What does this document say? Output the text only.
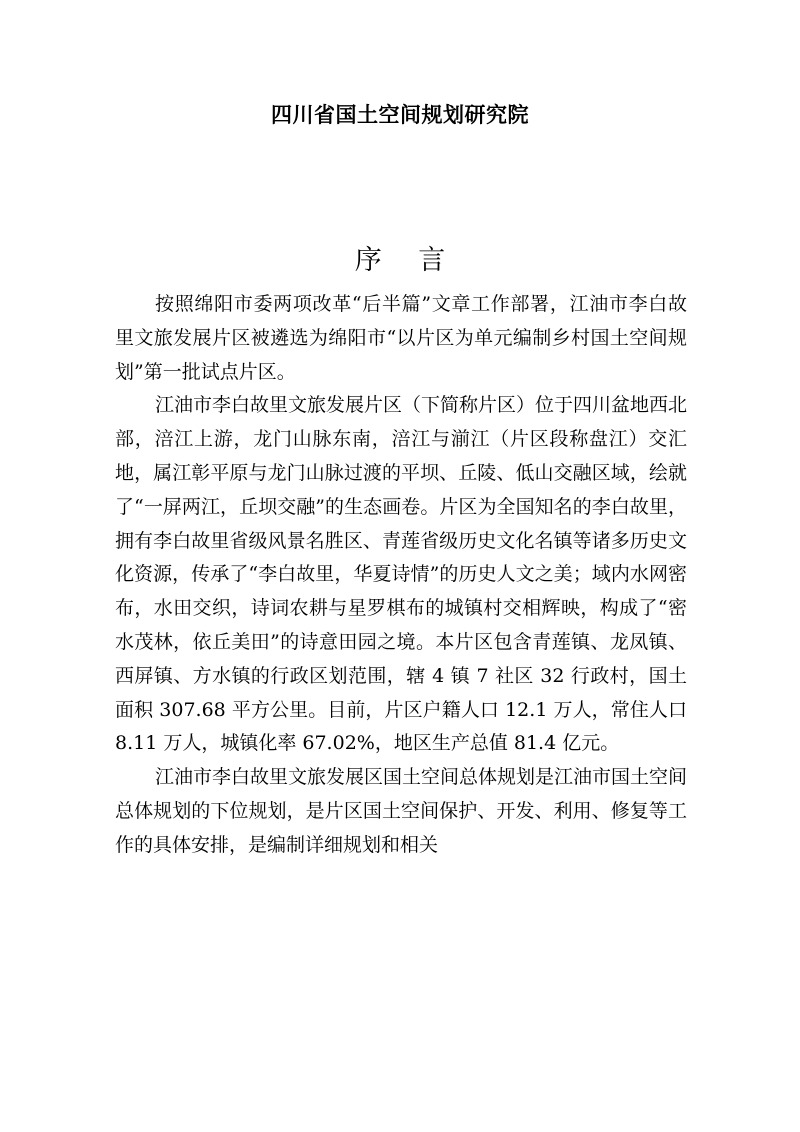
四川省国土空间规划研究院
序 言

按照绵阳市委两项改革“后半篇”文章工作部署，江油市李白故里文旅发展片区被遴选为绵阳市“以片区为单元编制乡村国土空间规划”第一批试点片区。

江油市李白故里文旅发展片区（下简称片区）位于四川盆地西北部，涪江上游，龙门山脉东南，涪江与湔江（片区段称盘江）交汇地，属江彰平原与龙门山脉过渡的平坝、丘陵、低山交融区域，绘就了“一屏两江，丘坝交融”的生态画卷。片区为全国知名的李白故里，拥有李白故里省级风景名胜区、青莲省级历史文化名镇等诸多历史文化资源，传承了“李白故里，华夏诗情”的历史人文之美；域内水网密布，水田交织，诗词农耕与星罗棋布的城镇村交相辉映，构成了“密水茂林，依丘美田”的诗意田园之境。本片区包含青莲镇、龙凤镇、西屏镇、方水镇的行政区划范围，辖 4 镇 7 社区 32 行政村，国土面积 307.68 平方公里。目前，片区户籍人口 12.1 万人，常住人口 8.11 万人，城镇化率 67.02%，地区生产总值 81.4 亿元。

江油市李白故里文旅发展区国土空间总体规划是江油市国土空间总体规划的下位规划，是片区国土空间保护、开发、利用、修复等工作的具体安排，是编制详细规划和相关
